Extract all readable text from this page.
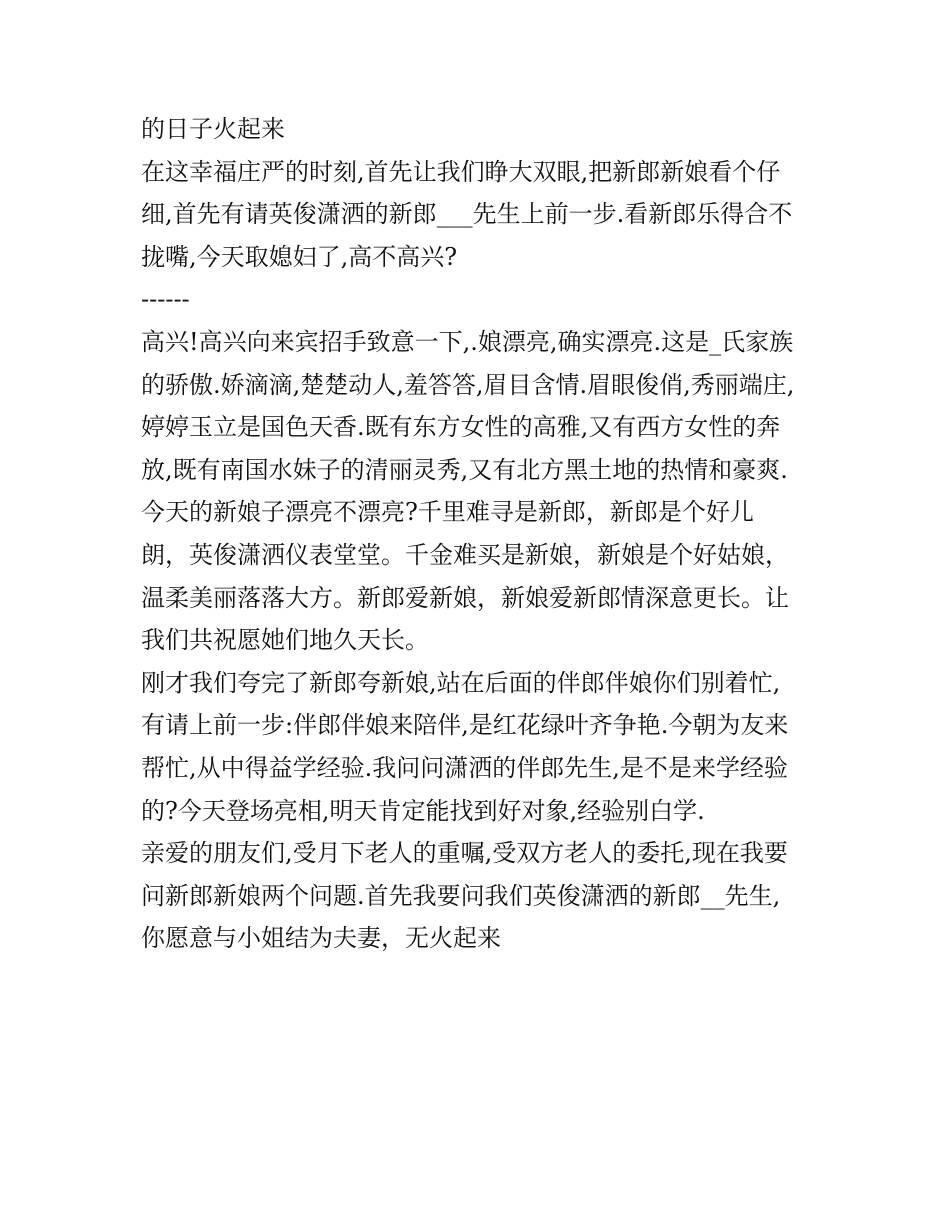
的日子火起来
在这幸福庄严的时刻,首先让我们睁大双眼,把新郎新娘看个仔
细,首先有请英俊潇洒的新郎___先生上前一步.看新郎乐得合不
拢嘴,今天取媳妇了,高不高兴?
------
高兴!高兴向来宾招手致意一下,.娘漂亮,确实漂亮.这是_氏家族
的骄傲.娇滴滴,楚楚动人,羞答答,眉目含情.眉眼俊俏,秀丽端庄,
婷婷玉立是国色天香.既有东方女性的高雅,又有西方女性的奔
放,既有南国水妹子的清丽灵秀,又有北方黑土地的热情和豪爽.
今天的新娘子漂亮不漂亮?千里难寻是新郎，新郎是个好儿
朗，英俊潇洒仪表堂堂。千金难买是新娘，新娘是个好姑娘，
温柔美丽落落大方。新郎爱新娘，新娘爱新郎情深意更长。让
我们共祝愿她们地久天长。
刚才我们夸完了新郎夸新娘,站在后面的伴郎伴娘你们别着忙,
有请上前一步:伴郎伴娘来陪伴,是红花绿叶齐争艳.今朝为友来
帮忙,从中得益学经验.我问问潇洒的伴郎先生,是不是来学经验
的?今天登场亮相,明天肯定能找到好对象,经验别白学.
亲爱的朋友们,受月下老人的重嘱,受双方老人的委托,现在我要
问新郎新娘两个问题.首先我要问我们英俊潇洒的新郎__先生,
你愿意与小姐结为夫妻，无火起来
